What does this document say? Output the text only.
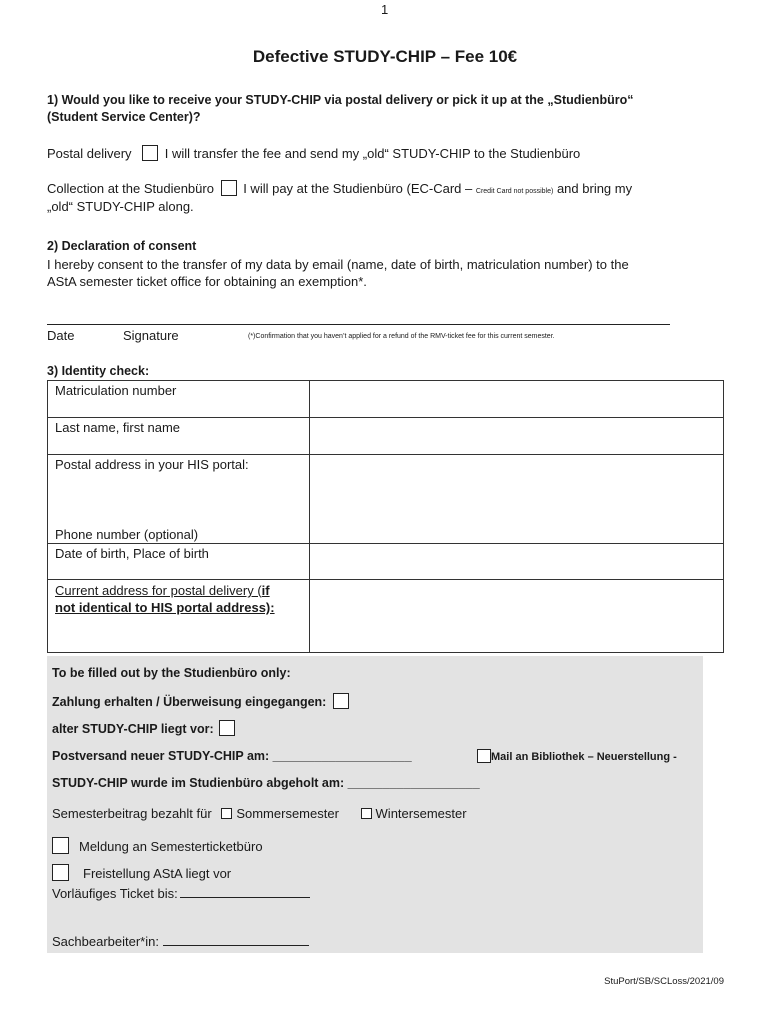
1
Defective STUDY-CHIP – Fee 10€
1) Would you like to receive your STUDY-CHIP via postal delivery or pick it up at the „Studienbüro“
(Student Service Center)?
Postal delivery	I will transfer the fee and send my „old“ STUDY-CHIP to the Studienbüro
Collection at the Studienbüro I will pay at the Studienbüro (EC-Card – Credit Card not possible) and bring my
„old“ STUDY-CHIP along.
2) Declaration of consent
I hereby consent to the transfer of my data by email (name, date of birth, matriculation number) to the
AStA semester ticket office for obtaining an exemption*.
Date	Signature	(*)Confirmation that you haven’t applied for a refund of the RMV-ticket fee for this current semester.
3) Identity check:
Matriculation number	
Last name, first name	

Postal address in your HIS portal:
Phone number (optional)	

Date of birth, Place of birth	
Current address for postal delivery (if
not identical to HIS portal address):	
To be filled out by the Studienbüro only:
Zahlung erhalten / Überweisung eingegangen:
alter STUDY-CHIP liegt vor:
Postversand neuer STUDY-CHIP am: ____________________	Mail an Bibliothek – Neuerstellung -
STUDY-CHIP wurde im Studienbüro abgeholt am: ___________________
Semesterbeitrag bezahlt für Sommersemester	Wintersemester
Meldung an Semesterticketbüro
Freistellung AStA liegt vor
Vorläufiges Ticket bis:
Sachbearbeiter*in:
StuPort/SB/SCLoss/2021/09
